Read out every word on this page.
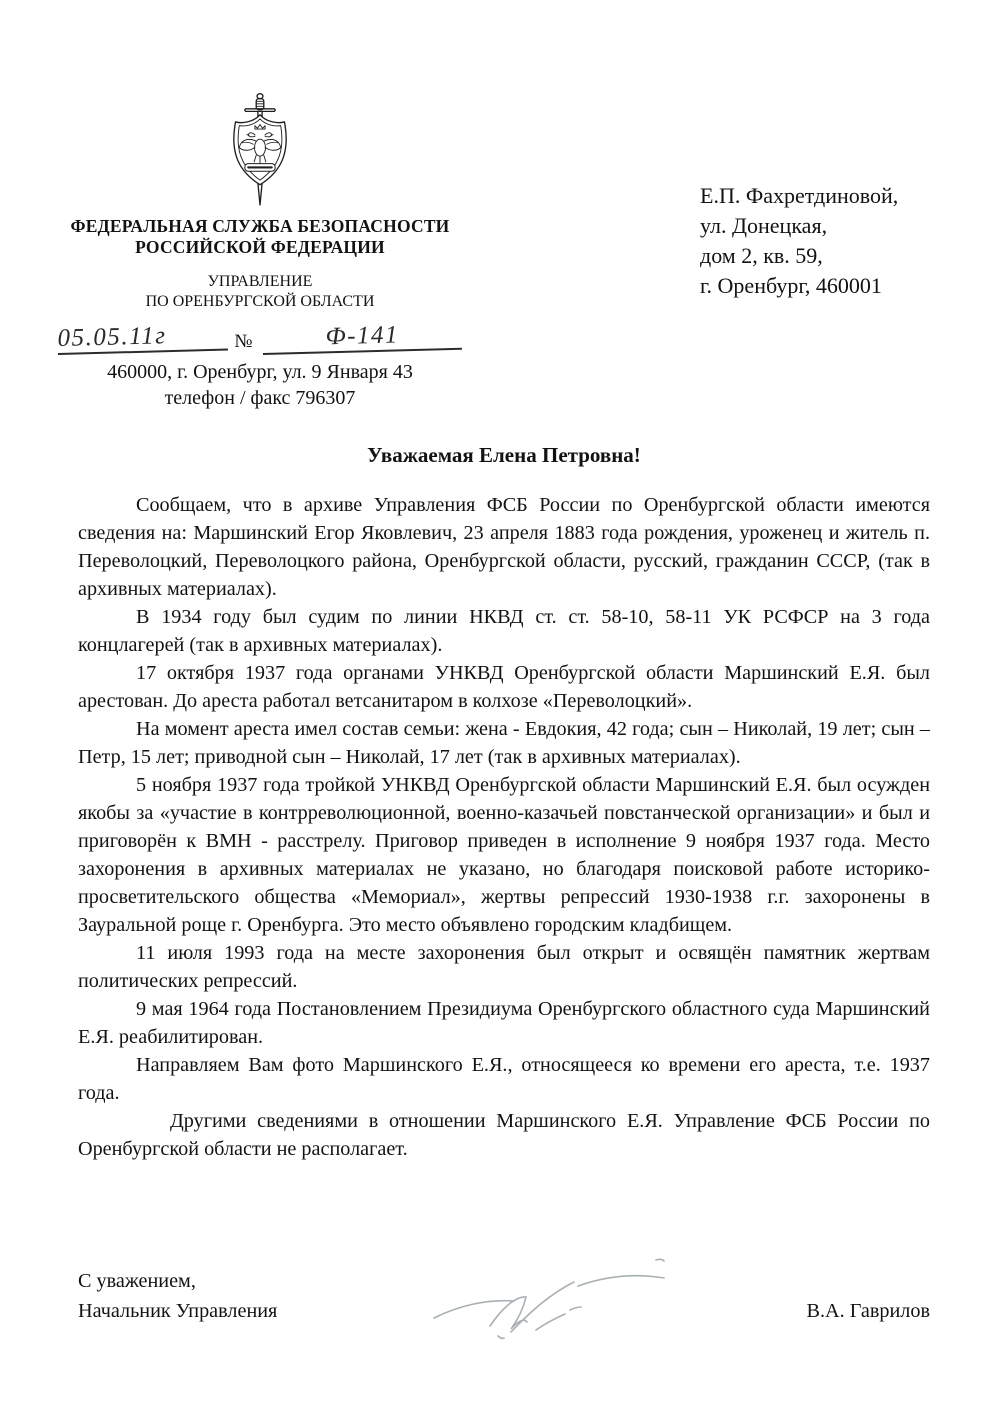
ФЕДЕРАЛЬНАЯ СЛУЖБА БЕЗОПАСНОСТИ
РОССИЙСКОЙ ФЕДЕРАЦИИ
УПРАВЛЕНИЕ
ПО ОРЕНБУРГСКОЙ ОБЛАСТИ
05.05.11г	№	Ф-141
460000, г. Оренбург, ул. 9 Января 43
телефон / факс 796307
Е.П. Фахретдиновой,
ул. Донецкая,
дом 2, кв. 59,
г. Оренбург, 460001
Уважаемая Елена Петровна!

Сообщаем, что в архиве Управления ФСБ России по Оренбургской области имеются сведения на: Маршинский Егор Яковлевич, 23 апреля 1883 года рождения, уроженец и житель п. Переволоцкий, Переволоцкого района, Оренбургской области, русский, гражданин СССР, (так в архивных материалах).

В 1934 году был судим по линии НКВД ст. ст. 58-10, 58-11 УК РСФСР на 3 года концлагерей (так в архивных материалах).

17 октября 1937 года органами УНКВД Оренбургской области Маршинский Е.Я. был арестован. До ареста работал ветсанитаром в колхозе «Переволоцкий».

На момент ареста имел состав семьи: жена - Евдокия, 42 года; сын – Николай, 19 лет; сын – Петр, 15 лет; приводной сын – Николай, 17 лет (так в архивных материалах).

5 ноября 1937 года тройкой УНКВД Оренбургской области Маршинский Е.Я. был осужден якобы за «участие в контрреволюционной, военно-казачьей повстанческой организации» и был и приговорён к ВМН - расстрелу. Приговор приведен в исполнение 9 ноября 1937 года. Место захоронения в архивных материалах не указано, но благодаря поисковой работе историко-просветительского общества «Мемориал», жертвы репрессий 1930-1938 г.г. захоронены в Зауральной роще г. Оренбурга. Это место объявлено городским кладбищем.

11 июля 1993 года на месте захоронения был открыт и освящён памятник жертвам политических репрессий.

9 мая 1964 года Постановлением Президиума Оренбургского областного суда Маршинский Е.Я. реабилитирован.

Направляем Вам фото Маршинского Е.Я., относящееся ко времени его ареста, т.е. 1937 года.

Другими сведениями в отношении Маршинского Е.Я. Управление ФСБ России по Оренбургской области не располагает.

С уважением,
Начальник Управления	В.А. Гаврилов
